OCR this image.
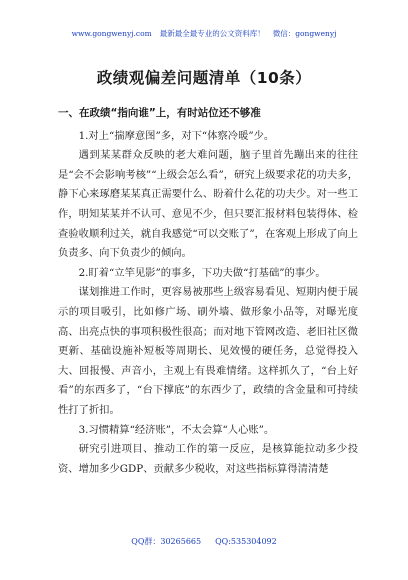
www.gongwenyj.com 最新最全最专业的公文资料库！ 微信：gongwenyj
政绩观偏差问题清单（10条）

一、在政绩“指向谁”上，有时站位还不够准

1.对上“揣摩意图”多，对下“体察冷暖”少。

遇到某某群众反映的老大难问题，脑子里首先蹦出来的往往是“会不会影响考核”“上级会怎么看”，研究上级要求花的功夫多，静下心来琢磨某某真正需要什么、盼着什么花的功夫少。对一些工作，明知某某并不认可、意见不少，但只要汇报材料包装得体、检查验收顺利过关，就自我感觉“可以交账了”，在客观上形成了向上负责多、向下负责少的倾向。

2.盯着“立竿见影”的事多，下功夫做“打基础”的事少。

谋划推进工作时，更容易被那些上级容易看见、短期内便于展示的项目吸引，比如修广场、刷外墙、做形象小品等，对曝光度高、出亮点快的事项积极性很高；而对地下管网改造、老旧社区微更新、基础设施补短板等周期长、见效慢的硬任务，总觉得投入大、回报慢、声音小，主观上有畏难情绪。这样抓久了，“台上好看”的东西多了，“台下撑底”的东西少了，政绩的含金量和可持续性打了折扣。

3.习惯精算“经济账”，不太会算“人心账”。

研究引进项目、推动工作的第一反应，是核算能拉动多少投资、增加多少GDP、贡献多少税收，对这些指标算得清清楚

QQ群：30265665 QQ:535304092
